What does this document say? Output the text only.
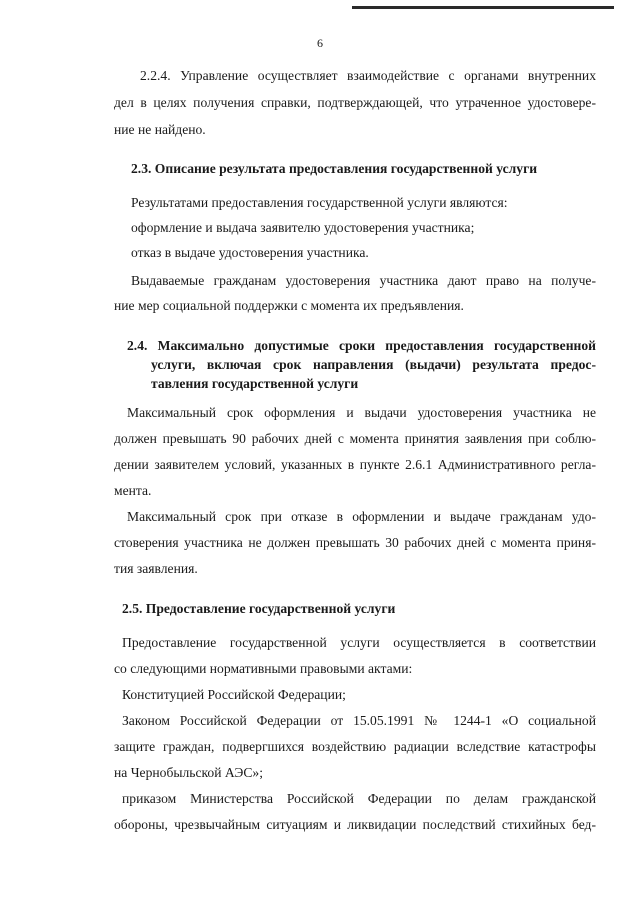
6
2.2.4. Управление осуществляет взаимодействие с органами внутренних
дел в целях получения справки, подтверждающей, что утраченное удостовере-
ние не найдено.
2.3. Описание результата предоставления государственной услуги
Результатами предоставления государственной услуги являются:
оформление и выдача заявителю удостоверения участника;
отказ в выдаче удостоверения участника.
Выдаваемые гражданам удостоверения участника дают право на получе-
ние мер социальной поддержки с момента их предъявления.
2.4. Максимально допустимые сроки предоставления государственной
услуги, включая срок направления (выдачи) результата предос-
тавления государственной услуги
Максимальный срок оформления и выдачи удостоверения участника не
должен превышать 90 рабочих дней с момента принятия заявления при соблю-
дении заявителем условий, указанных в пункте 2.6.1 Административного регла-
мента.
Максимальный срок при отказе в оформлении и выдаче гражданам удо-
стоверения участника не должен превышать 30 рабочих дней с момента приня-
тия заявления.
2.5. Предоставление государственной услуги
Предоставление государственной услуги осуществляется в соответствии
со следующими нормативными правовыми актами:
Конституцией Российской Федерации;
Законом Российской Федерации от 15.05.1991 № 1244-1 «О социальной
защите граждан, подвергшихся воздействию радиации вследствие катастрофы
на Чернобыльской АЭС»;
приказом Министерства Российской Федерации по делам гражданской
обороны, чрезвычайным ситуациям и ликвидации последствий стихийных бед-
